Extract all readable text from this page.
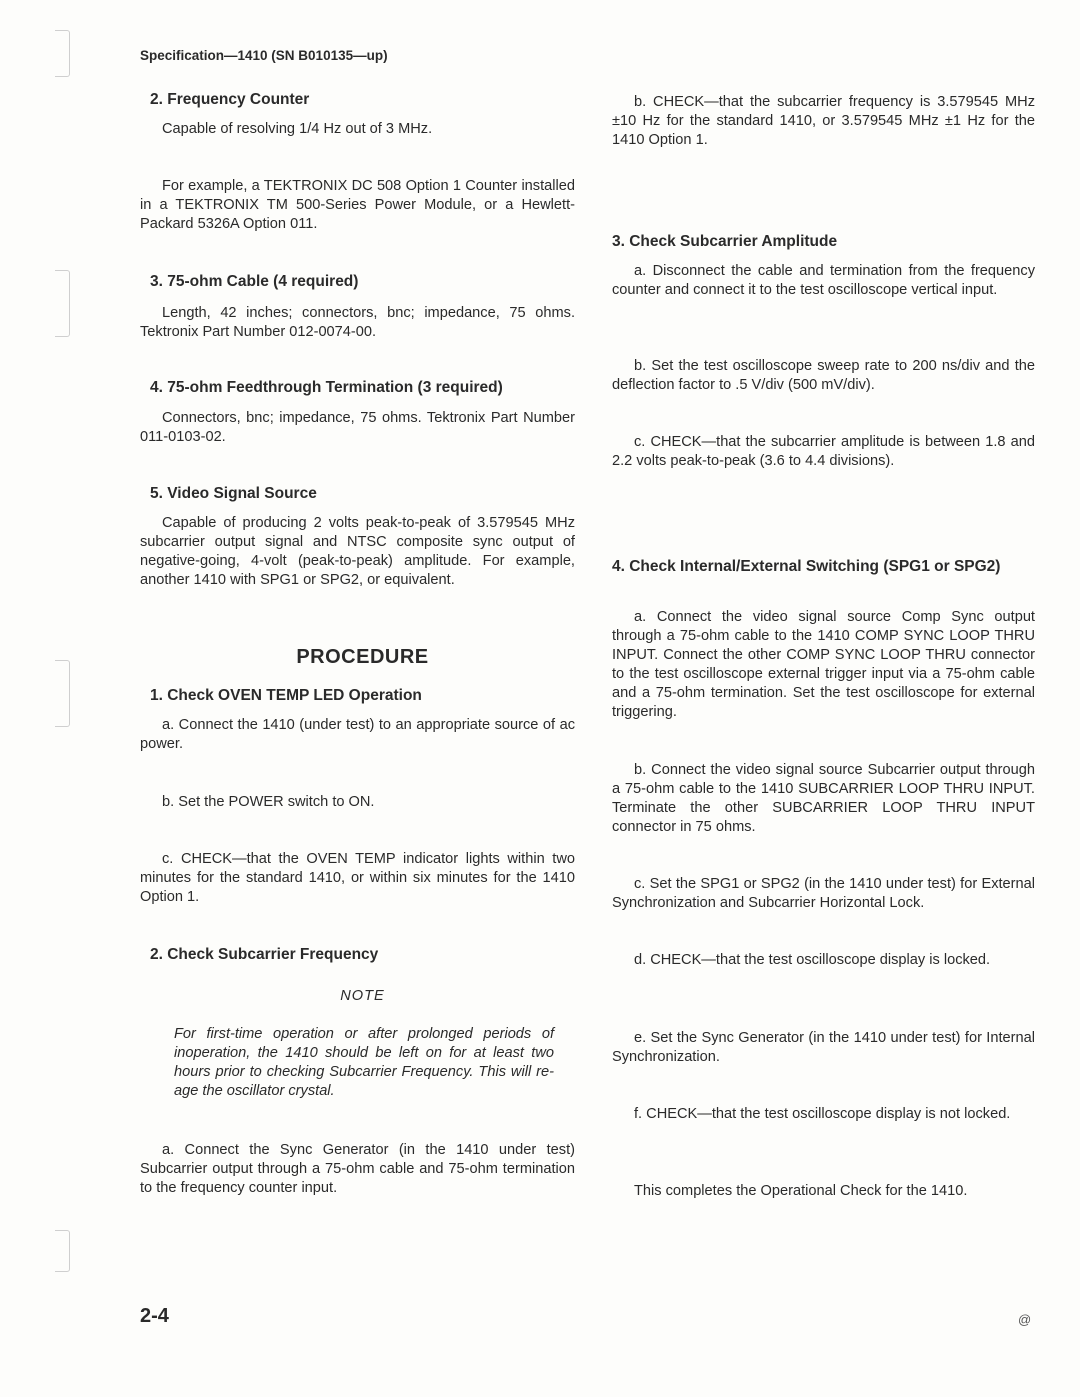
Specification—1410 (SN B010135—up)
2. Frequency Counter

Capable of resolving 1/4 Hz out of 3 MHz.

For example, a TEKTRONIX DC 508 Option 1 Counter installed in a TEKTRONIX TM 500-Series Power Module, or a Hewlett-Packard 5326A Option 011.

3. 75-ohm Cable (4 required)

Length, 42 inches; connectors, bnc; impedance, 75 ohms. Tektronix Part Number 012-0074-00.

4. 75-ohm Feedthrough Termination (3 required)

Connectors, bnc; impedance, 75 ohms. Tektronix Part Number 011-0103-02.

5. Video Signal Source

Capable of producing 2 volts peak-to-peak of 3.579545 MHz subcarrier output signal and NTSC composite sync output of negative-going, 4-volt (peak-to-peak) amplitude. For example, another 1410 with SPG1 or SPG2, or equivalent.

PROCEDURE
1. Check OVEN TEMP LED Operation

a. Connect the 1410 (under test) to an appropriate source of ac power.

b. Set the POWER switch to ON.

c. CHECK—that the OVEN TEMP indicator lights within two minutes for the standard 1410, or within six minutes for the 1410 Option 1.

2. Check Subcarrier Frequency
NOTE

For first-time operation or after prolonged periods of inoperation, the 1410 should be left on for at least two hours prior to checking Subcarrier Frequency. This will re-age the oscillator crystal.

a. Connect the Sync Generator (in the 1410 under test) Subcarrier output through a 75-ohm cable and 75-ohm termination to the frequency counter input.

b. CHECK—that the subcarrier frequency is 3.579545 MHz ±10 Hz for the standard 1410, or 3.579545 MHz ±1 Hz for the 1410 Option 1.

3. Check Subcarrier Amplitude

a. Disconnect the cable and termination from the frequency counter and connect it to the test oscilloscope vertical input.

b. Set the test oscilloscope sweep rate to 200 ns/div and the deflection factor to .5 V/div (500 mV/div).

c. CHECK—that the subcarrier amplitude is between 1.8 and 2.2 volts peak-to-peak (3.6 to 4.4 divisions).

4. Check Internal/External Switching (SPG1 or SPG2)

a. Connect the video signal source Comp Sync output through a 75-ohm cable to the 1410 COMP SYNC LOOP THRU INPUT. Connect the other COMP SYNC LOOP THRU connector to the test oscilloscope external trigger input via a 75-ohm cable and a 75-ohm termination. Set the test oscilloscope for external triggering.

b. Connect the video signal source Subcarrier output through a 75-ohm cable to the 1410 SUBCARRIER LOOP THRU INPUT. Terminate the other SUBCARRIER LOOP THRU INPUT connector in 75 ohms.

c. Set the SPG1 or SPG2 (in the 1410 under test) for External Synchronization and Subcarrier Horizontal Lock.

d. CHECK—that the test oscilloscope display is locked.

e. Set the Sync Generator (in the 1410 under test) for Internal Synchronization.

f. CHECK—that the test oscilloscope display is not locked.

This completes the Operational Check for the 1410.

2-4	@
